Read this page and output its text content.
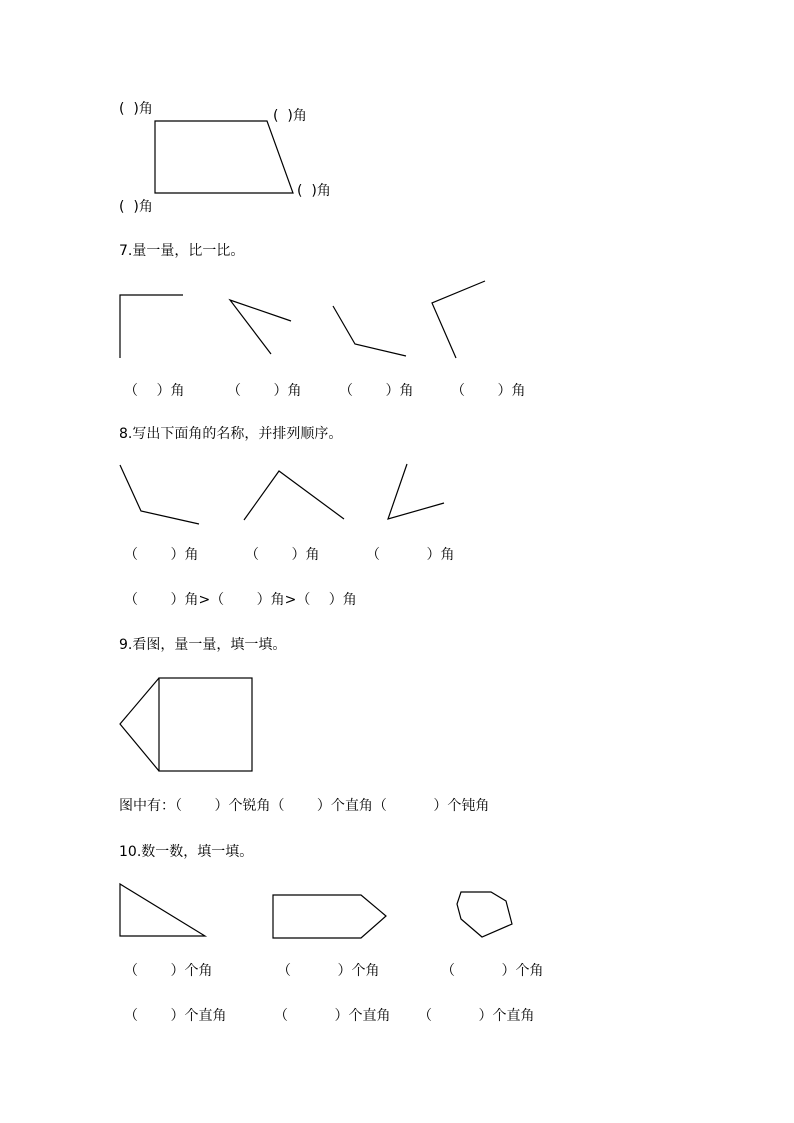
(  )角	(  )角
(  )角
(  )角
7.量一量，比一比。
（　 ）角	（　　 ）角	（　　 ）角	（　　 ）角
8.写出下面角的名称，并排列顺序。
（　　 ）角	（　　 ）角	（　　　 ）角
（　　 ）角>（　　 ）角>（　 ）角
9.看图，量一量，填一填。
图中有：（　　 ）个锐角（　　 ）个直角（　　　 ）个钝角
10.数一数，填一填。
（　　 ）个角	（　　　 ）个角	（　　　 ）个角
（　　 ）个直角	（　　　 ）个直角 （　　　 ）个直角
